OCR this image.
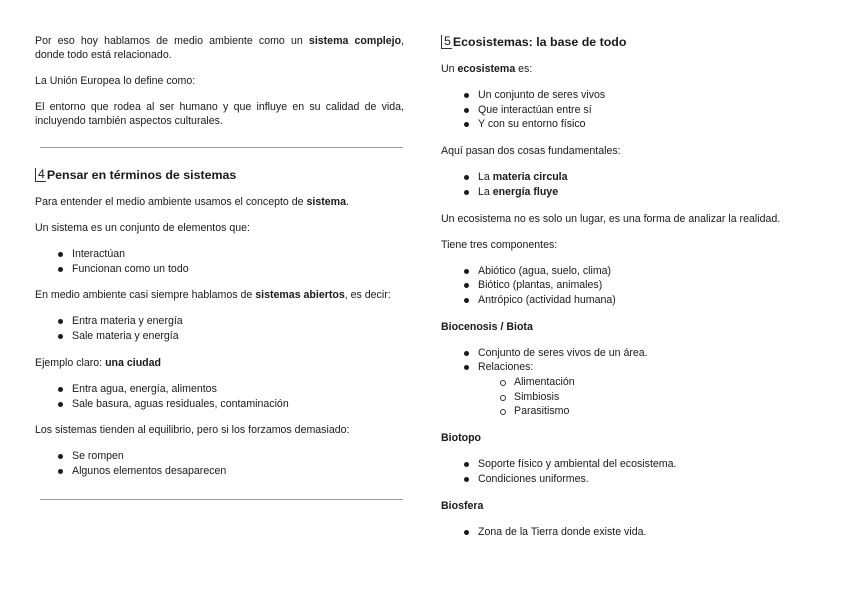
Por eso hoy hablamos de medio ambiente como un sistema complejo, donde todo está relacionado.

La Unión Europea lo define como:

El entorno que rodea al ser humano y que influye en su calidad de vida, incluyendo también aspectos culturales.

4 Pensar en términos de sistemas

Para entender el medio ambiente usamos el concepto de sistema.

Un sistema es un conjunto de elementos que:

Interactúan
Funcionan como un todo

En medio ambiente casi siempre hablamos de sistemas abiertos, es decir:

Entra materia y energía
Sale materia y energía

Ejemplo claro: una ciudad

Entra agua, energía, alimentos
Sale basura, aguas residuales, contaminación

Los sistemas tienden al equilibrio, pero si los forzamos demasiado:

Se rompen
Algunos elementos desaparecen
5 Ecosistemas: la base de todo

Un ecosistema es:

Un conjunto de seres vivos
Que interactúan entre sí
Y con su entorno físico

Aquí pasan dos cosas fundamentales:

La materia circula
La energía fluye

Un ecosistema no es solo un lugar, es una forma de analizar la realidad.

Tiene tres componentes:

Abiótico (agua, suelo, clima)
Biótico (plantas, animales)
Antrópico (actividad humana)
Biocenosis / Biota
Conjunto de seres vivos de un área.
Relaciones:
Alimentación
Simbiosis
Parasitismo
Biotopo
Soporte físico y ambiental del ecosistema.
Condiciones uniformes.
Biosfera
Zona de la Tierra donde existe vida.
